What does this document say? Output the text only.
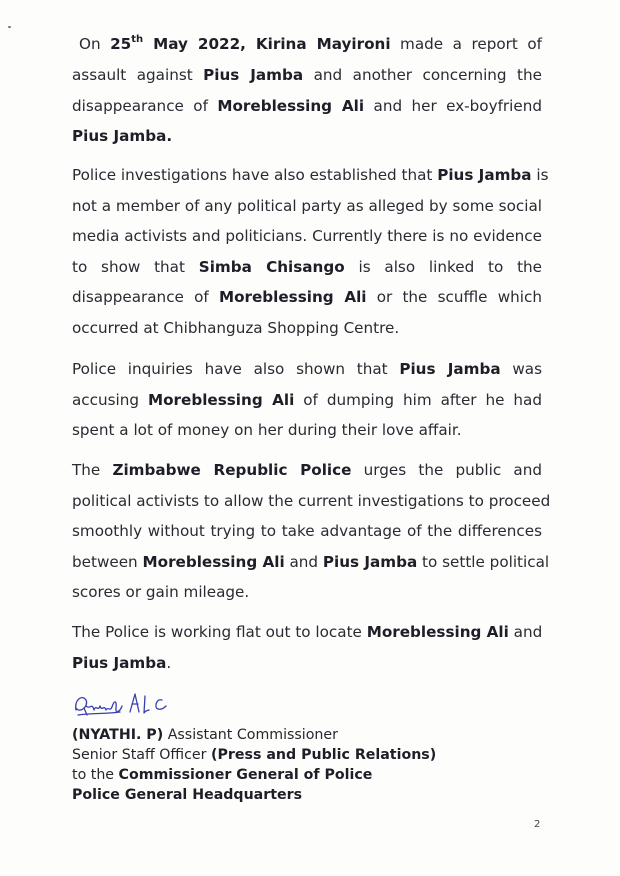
On 25th May 2022, Kirina Mayironi made a report of

assault against Pius Jamba and another concerning the
disappearance of Moreblessing Ali and her ex-boyfriend
Pius Jamba.

Police investigations have also established that Pius Jamba is
not a member of any political party as alleged by some social
media activists and politicians. Currently there is no evidence
to show that Simba Chisango is also linked to the
disappearance of Moreblessing Ali or the scuffle which
occurred at Chibhanguza Shopping Centre.

Police inquiries have also shown that Pius Jamba was
accusing Moreblessing Ali of dumping him after he had
spent a lot of money on her during their love affair.

The Zimbabwe Republic Police urges the public and
political activists to allow the current investigations to proceed
smoothly without trying to take advantage of the differences
between Moreblessing Ali and Pius Jamba to settle political
scores or gain mileage.

The Police is working flat out to locate Moreblessing Ali and
Pius Jamba.

(NYATHI. P) Assistant Commissioner
Senior Staff Officer (Press and Public Relations)
to the Commissioner General of Police
Police General Headquarters
2
